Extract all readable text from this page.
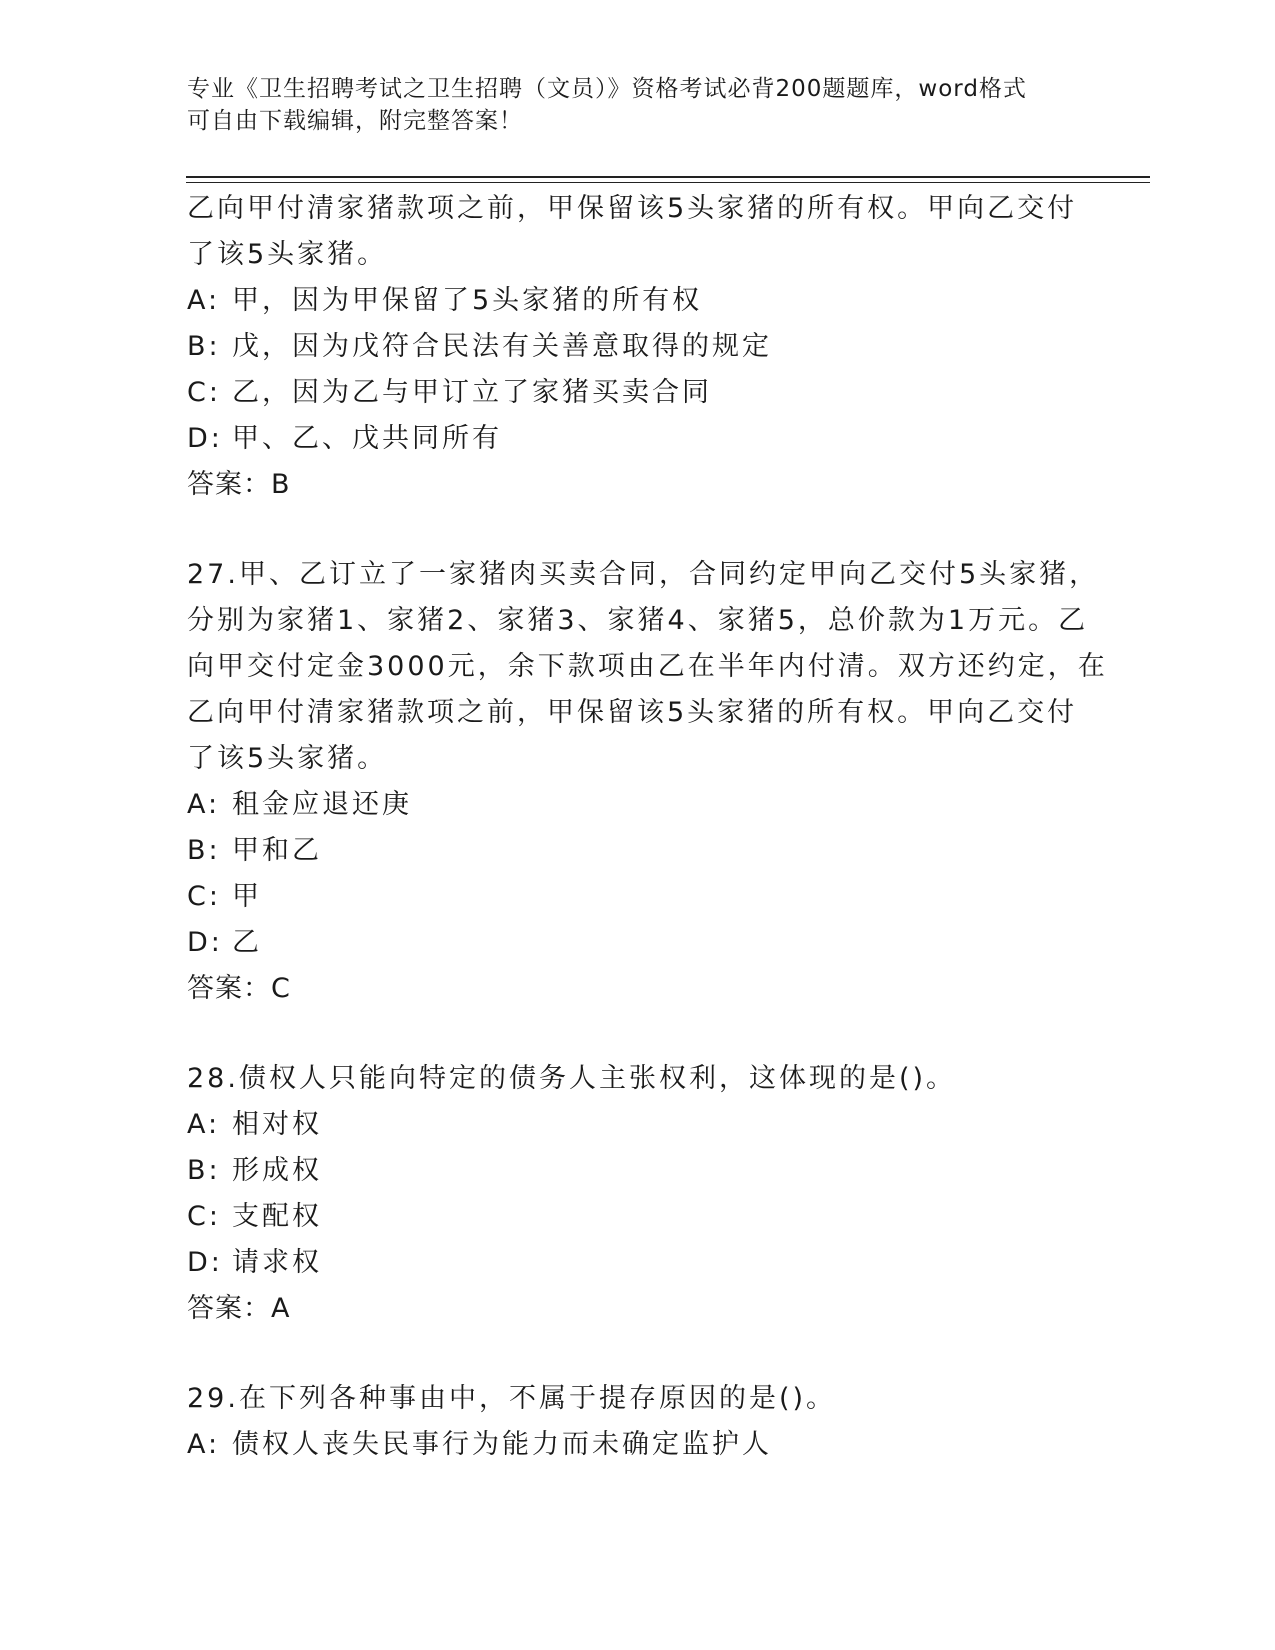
专业《卫生招聘考试之卫生招聘（文员）》资格考试必背200题题库，word格式
可自由下载编辑，附完整答案！
乙向甲付清家猪款项之前，甲保留该5头家猪的所有权。甲向乙交付
了该5头家猪。
A: 甲，因为甲保留了5头家猪的所有权
B: 戊，因为戊符合民法有关善意取得的规定
C: 乙，因为乙与甲订立了家猪买卖合同
D: 甲、乙、戊共同所有
答案：B
27.甲、乙订立了一家猪肉买卖合同，合同约定甲向乙交付5头家猪，
分别为家猪1、家猪2、家猪3、家猪4、家猪5，总价款为1万元。乙
向甲交付定金3000元，余下款项由乙在半年内付清。双方还约定，在
乙向甲付清家猪款项之前，甲保留该5头家猪的所有权。甲向乙交付
了该5头家猪。
A: 租金应退还庚
B: 甲和乙
C: 甲
D: 乙
答案：C
28.债权人只能向特定的债务人主张权利，这体现的是()。
A: 相对权
B: 形成权
C: 支配权
D: 请求权
答案：A
29.在下列各种事由中，不属于提存原因的是()。
A: 债权人丧失民事行为能力而未确定监护人
